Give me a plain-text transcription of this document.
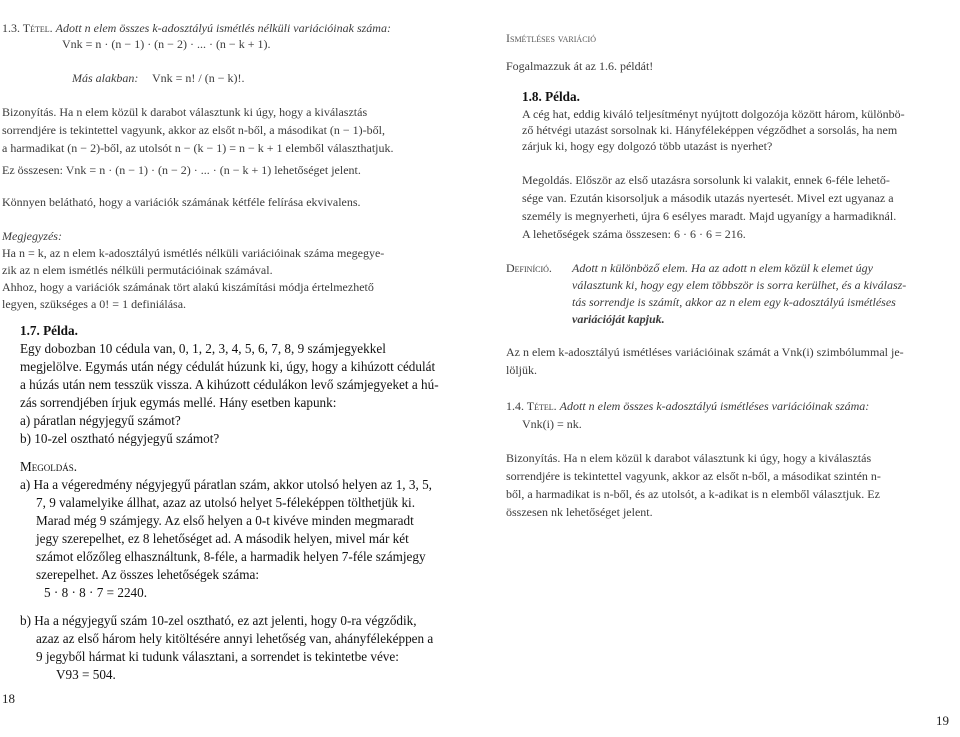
1.3. Tétel. Adott n elem összes k-adosztályú ismétlés nélküli variációinak száma:
Vnk = n · (n − 1) · (n − 2) · ... · (n − k + 1).
Más alakban: Vnk = n! / (n − k)!.
Bizonyítás. Ha n elem közül k darabot választunk ki úgy, hogy a kiválasztás
sorrendjére is tekintettel vagyunk, akkor az elsőt n-ből, a másodikat (n − 1)-ből,
a harmadikat (n − 2)-ből, az utolsót n − (k − 1) = n − k + 1 elemből választhatjuk.
Ez összesen: Vnk = n · (n − 1) · (n − 2) · ... · (n − k + 1) lehetőséget jelent.
Könnyen belátható, hogy a variációk számának kétféle felírása ekvivalens.
Megjegyzés:
Ha n = k, az n elem k-adosztályú ismétlés nélküli variációinak száma megegye-
zik az n elem ismétlés nélküli permutációinak számával.
Ahhoz, hogy a variációk számának tört alakú kiszámítási módja értelmezhető
legyen, szükséges a 0! = 1 definiálása.
1.7. Példa.
Egy dobozban 10 cédula van, 0, 1, 2, 3, 4, 5, 6, 7, 8, 9 számjegyekkel
megjelölve. Egymás után négy cédulát húzunk ki, úgy, hogy a kihúzott cédulát
a húzás után nem tesszük vissza. A kihúzott cédulákon levő számjegyeket a hú-
zás sorrendjében írjuk egymás mellé. Hány esetben kapunk:
a) páratlan négyjegyű számot?
b) 10-zel osztható négyjegyű számot?
Megoldás.
a) Ha a végeredmény négyjegyű páratlan szám, akkor utolsó helyen az 1, 3, 5,
7, 9 valamelyike állhat, azaz az utolsó helyet 5-féleképpen tölthetjük ki.
Marad még 9 számjegy. Az első helyen a 0-t kivéve minden megmaradt
jegy szerepelhet, ez 8 lehetőséget ad. A második helyen, mivel már két
számot előzőleg elhasználtunk, 8-féle, a harmadik helyen 7-féle számjegy
szerepelhet. Az összes lehetőségek száma:
5 · 8 · 8 · 7 = 2240.
b) Ha a négyjegyű szám 10-zel osztható, ez azt jelenti, hogy 0-ra végződik,
azaz az első három hely kitöltésére annyi lehetőség van, ahányféleképpen a
9 jegyből hármat ki tudunk választani, a sorrendet is tekintetbe véve:
V93 = 504.
18
Ismétléses variáció
Fogalmazzuk át az 1.6. példát!
1.8. Példa.
A cég hat, eddig kiváló teljesítményt nyújtott dolgozója között három, különbö-
ző hétvégi utazást sorsolnak ki. Hányféleképpen végződhet a sorsolás, ha nem
zárjuk ki, hogy egy dolgozó több utazást is nyerhet?
Megoldás. Először az első utazásra sorsolunk ki valakit, ennek 6-féle lehető-
sége van. Ezután kisorsoljuk a második utazás nyertesét. Mivel ezt ugyanaz a
személy is megnyerheti, újra 6 esélyes maradt. Majd ugyanígy a harmadiknál.
A lehetőségek száma összesen: 6 · 6 · 6 = 216.
Definíció. Adott n különböző elem. Ha az adott n elem közül k elemet úgy
választunk ki, hogy egy elem többször is sorra kerülhet, és a kiválasz-
tás sorrendje is számít, akkor az n elem egy k-adosztályú ismétléses
variációját kapjuk.
Az n elem k-adosztályú ismétléses variációinak számát a Vnk(i) szimbólummal je-
löljük.
1.4. Tétel. Adott n elem összes k-adosztályú ismétléses variációinak száma:
Vnk(i) = nk.
Bizonyítás. Ha n elem közül k darabot választunk ki úgy, hogy a kiválasztás
sorrendjére is tekintettel vagyunk, akkor az elsőt n-ből, a másodikat szintén n-
ből, a harmadikat is n-ből, és az utolsót, a k-adikat is n elemből választjuk. Ez
összesen nk lehetőséget jelent.
19
